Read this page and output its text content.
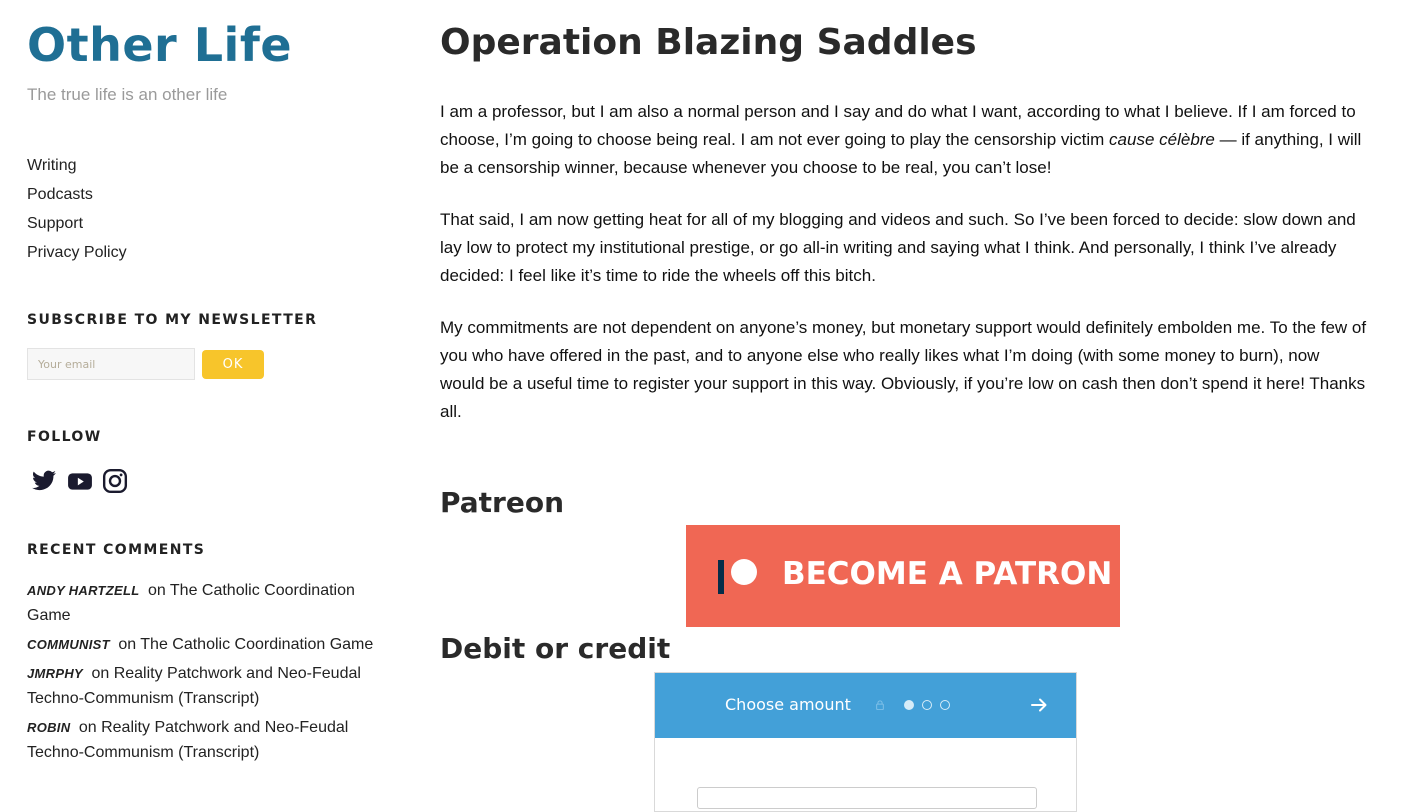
Other Life
The true life is an other life
Writing
Podcasts
Support
Privacy Policy
SUBSCRIBE TO MY NEWSLETTER
Your email
OK
FOLLOW
RECENT COMMENTS
ANDY HARTZELL on The Catholic Coordination Game
COMMUNIST on The Catholic Coordination Game
JMRPHY on Reality Patchwork and Neo-Feudal Techno-Communism (Transcript)
ROBIN on Reality Patchwork and Neo-Feudal Techno-Communism (Transcript)
Operation Blazing Saddles

I am a professor, but I am also a normal person and I say and do what I want, according to what I believe. If I am forced to choose, I’m going to choose being real. I am not ever going to play the censorship victim cause célèbre — if anything, I will be a censorship winner, because whenever you choose to be real, you can’t lose!

That said, I am now getting heat for all of my blogging and videos and such. So I’ve been forced to decide: slow down and lay low to protect my institutional prestige, or go all-in writing and saying what I think. And personally, I think I’ve already decided: I feel like it’s time to ride the wheels off this bitch.

My commitments are not dependent on anyone’s money, but monetary support would definitely embolden me. To the few of you who have offered in the past, and to anyone else who really likes what I’m doing (with some money to burn), now would be a useful time to register your support in this way. Obviously, if you’re low on cash then don’t spend it here! Thanks all.

Patreon
BECOME A PATRON
Debit or credit
Choose amount
